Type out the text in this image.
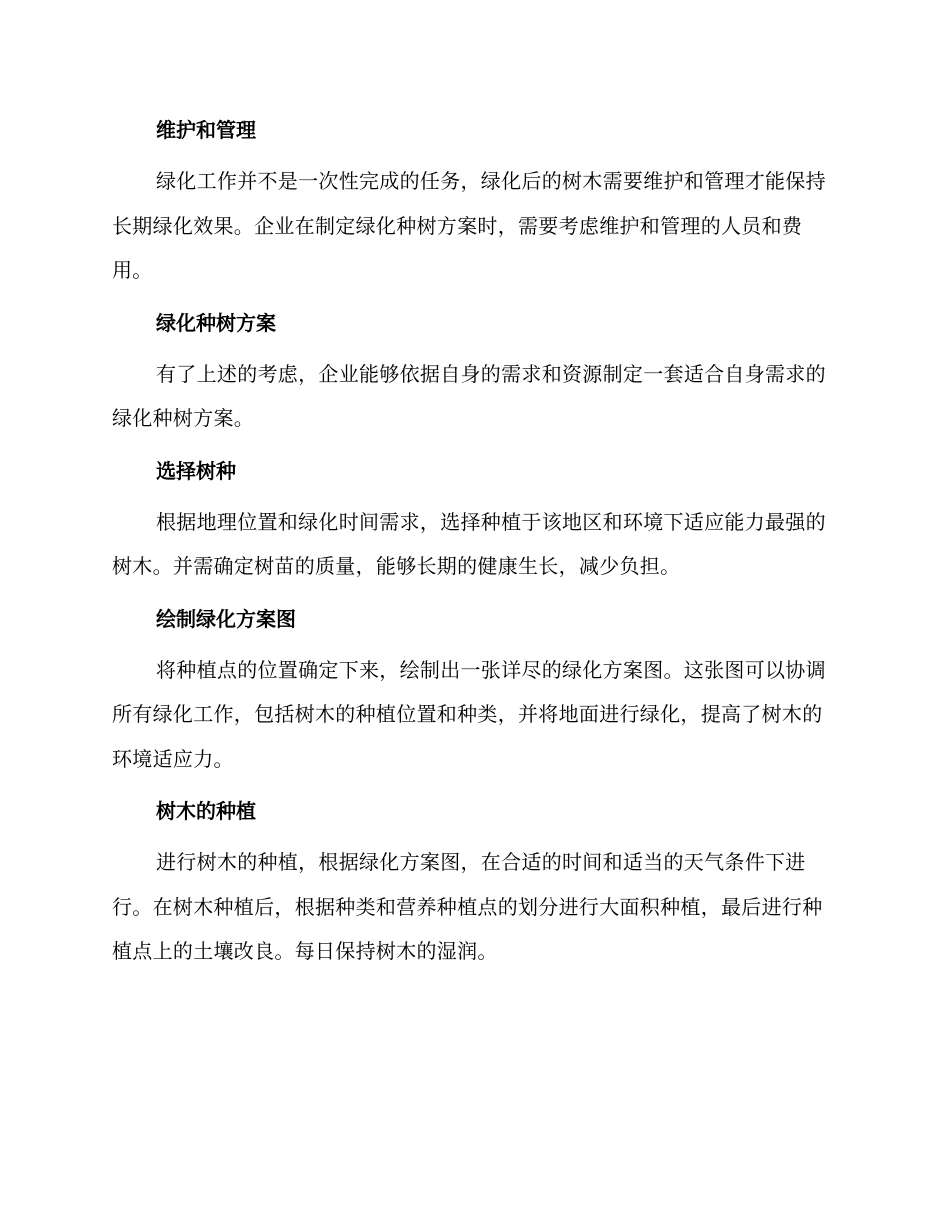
维护和管理

绿化工作并不是一次性完成的任务，绿化后的树木需要维护和管理才能保持长期绿化效果。企业在制定绿化种树方案时，需要考虑维护和管理的人员和费用。

绿化种树方案

有了上述的考虑，企业能够依据自身的需求和资源制定一套适合自身需求的绿化种树方案。

选择树种

根据地理位置和绿化时间需求，选择种植于该地区和环境下适应能力最强的树木。并需确定树苗的质量，能够长期的健康生长，减少负担。

绘制绿化方案图

将种植点的位置确定下来，绘制出一张详尽的绿化方案图。这张图可以协调所有绿化工作，包括树木的种植位置和种类，并将地面进行绿化，提高了树木的环境适应力。

树木的种植

进行树木的种植，根据绿化方案图，在合适的时间和适当的天气条件下进行。在树木种植后，根据种类和营养种植点的划分进行大面积种植，最后进行种植点上的土壤改良。每日保持树木的湿润。
